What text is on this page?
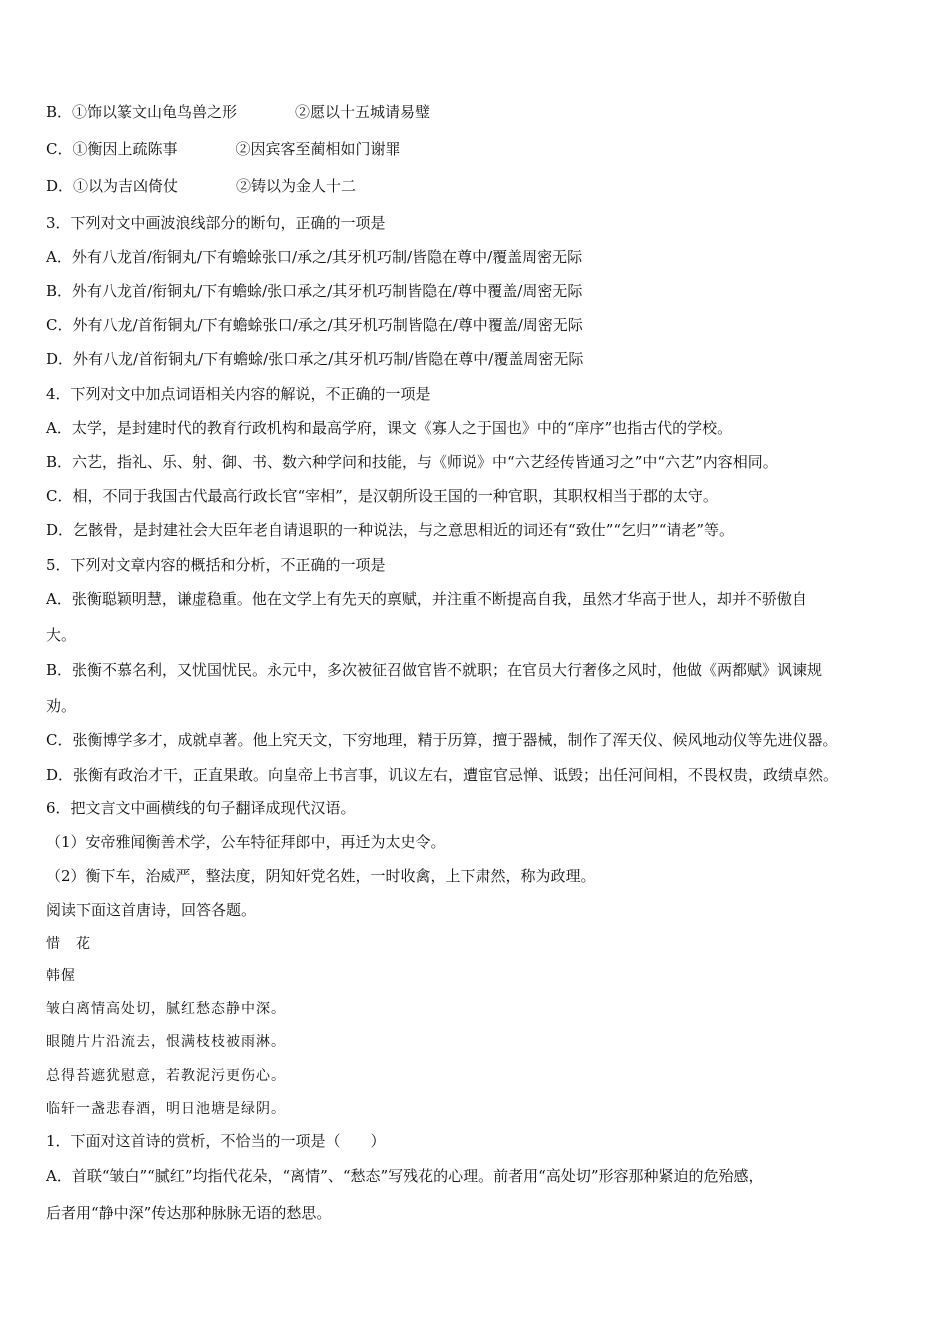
B．①饰以篆文山龟鸟兽之形	②愿以十五城请易璧
C．①衡因上疏陈事	②因宾客至蔺相如门谢罪
D．①以为吉凶倚仗	②铸以为金人十二
3．下列对文中画波浪线部分的断句，正确的一项是
A．外有八龙首/衔铜丸/下有蟾蜍张口/承之/其牙机巧制/皆隐在尊中/覆盖周密无际
B．外有八龙首/衔铜丸/下有蟾蜍/张口承之/其牙机巧制皆隐在/尊中覆盖/周密无际
C．外有八龙/首衔铜丸/下有蟾蜍张口/承之/其牙机巧制皆隐在/尊中覆盖/周密无际
D．外有八龙/首衔铜丸/下有蟾蜍/张口承之/其牙机巧制/皆隐在尊中/覆盖周密无际
4．下列对文中加点词语相关内容的解说，不正确的一项是
A．太学，是封建时代的教育行政机构和最高学府，课文《寡人之于国也》中的“庠序”也指古代的学校。
B．六艺，指礼、乐、射、御、书、数六种学问和技能，与《师说》中“六艺经传皆通习之”中“六艺”内容相同。
C．相，不同于我国古代最高行政长官“宰相”，是汉朝所设王国的一种官职，其职权相当于郡的太守。
D．乞骸骨，是封建社会大臣年老自请退职的一种说法，与之意思相近的词还有“致仕”“乞归”“请老”等。
5．下列对文章内容的概括和分析，不正确的一项是
A．张衡聪颖明慧，谦虚稳重。他在文学上有先天的禀赋，并注重不断提高自我，虽然才华高于世人，却并不骄傲自
大。
B．张衡不慕名利，又忧国忧民。永元中，多次被征召做官皆不就职；在官员大行奢侈之风时，他做《两都赋》讽谏规
劝。
C．张衡博学多才，成就卓著。他上究天文，下穷地理，精于历算，擅于器械，制作了浑天仪、候风地动仪等先进仪器。
D．张衡有政治才干，正直果敢。向皇帝上书言事，讥议左右，遭宦官忌惮、诋毁；出任河间相，不畏权贵，政绩卓然。
6．把文言文中画横线的句子翻译成现代汉语。
（1）安帝雅闻衡善术学，公车特征拜郎中，再迁为太史令。
（2）衡下车，治威严，整法度，阴知奸党名姓，一时收禽，上下肃然，称为政理。
阅读下面这首唐诗，回答各题。
惜　花
韩偓
皱白离情高处切，腻红愁态静中深。
眼随片片沿流去，恨满枝枝被雨淋。
总得苔遮犹慰意，若教泥污更伤心。
临轩一盏悲春酒，明日池塘是绿阴。
1．下面对这首诗的赏析，不恰当的一项是（　　）
A．首联“皱白”“腻红”均指代花朵，“离情”、“愁态”写残花的心理。前者用“高处切”形容那种紧迫的危殆感，
后者用“静中深”传达那种脉脉无语的愁思。
